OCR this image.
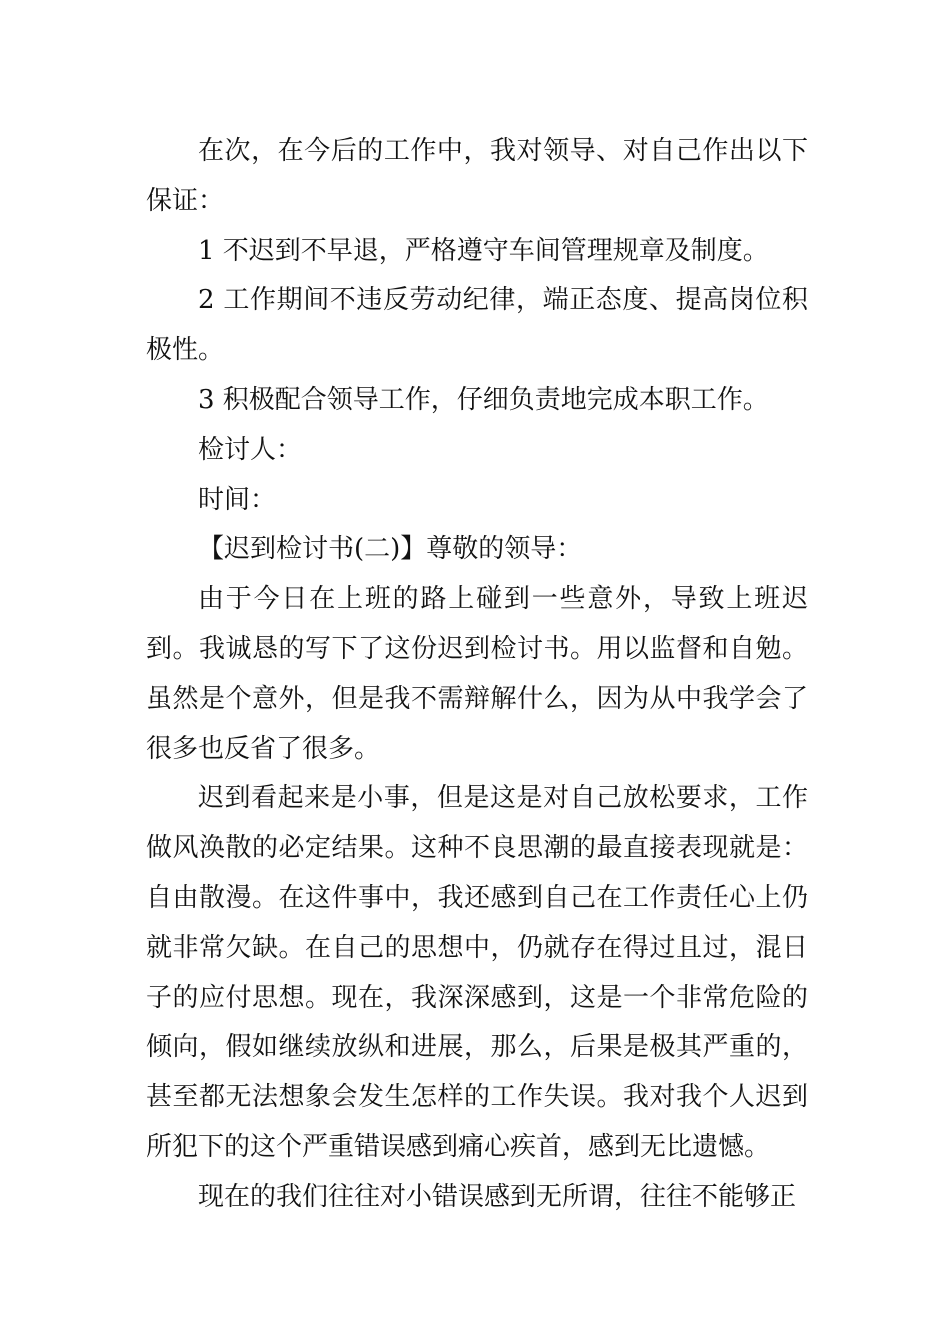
在次，在今后的工作中，我对领导、对自己作出以下保证：

1 不迟到不早退，严格遵守车间管理规章及制度。

2 工作期间不违反劳动纪律，端正态度、提高岗位积极性。

3 积极配合领导工作，仔细负责地完成本职工作。

检讨人：

时间：

【迟到检讨书(二)】尊敬的领导：

由于今日在上班的路上碰到一些意外，导致上班迟到。我诚恳的写下了这份迟到检讨书。用以监督和自勉。虽然是个意外，但是我不需辩解什么，因为从中我学会了很多也反省了很多。

迟到看起来是小事，但是这是对自己放松要求，工作做风涣散的必定结果。这种不良思潮的最直接表现就是：自由散漫。在这件事中，我还感到自己在工作责任心上仍就非常欠缺。在自己的思想中，仍就存在得过且过，混日子的应付思想。现在，我深深感到，这是一个非常危险的倾向，假如继续放纵和进展，那么，后果是极其严重的，甚至都无法想象会发生怎样的工作失误。我对我个人迟到所犯下的这个严重错误感到痛心疾首，感到无比遗憾。

现在的我们往往对小错误感到无所谓，往往不能够正
